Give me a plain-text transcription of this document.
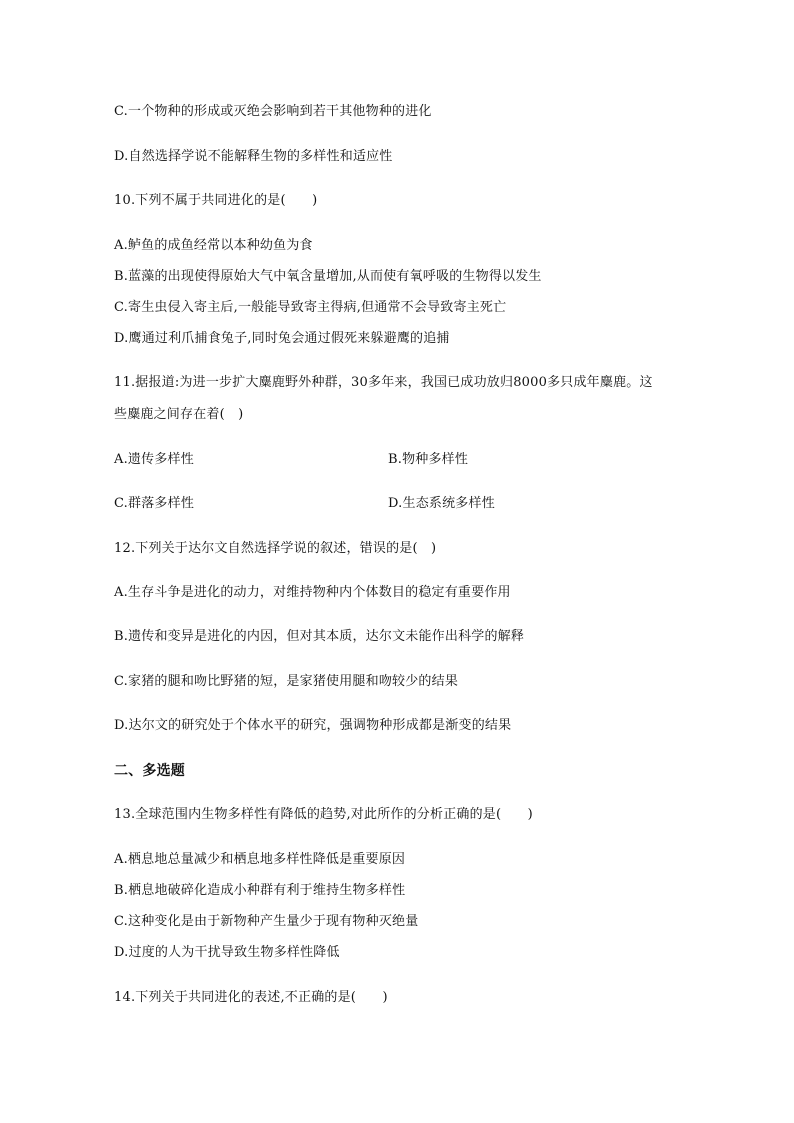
C.一个物种的形成或灭绝会影响到若干其他物种的进化
D.自然选择学说不能解释生物的多样性和适应性
10.下列不属于共同进化的是(　　)
A.鲈鱼的成鱼经常以本种幼鱼为食
B.蓝藻的出现使得原始大气中氧含量增加,从而使有氧呼吸的生物得以发生
C.寄生虫侵入寄主后,一般能导致寄主得病,但通常不会导致寄主死亡
D.鹰通过利爪捕食兔子,同时兔会通过假死来躲避鹰的追捕
11.据报道:为进一步扩大麋鹿野外种群，30多年来，我国已成功放归8000多只成年麋鹿。这
些麋鹿之间存在着(　)
A.遗传多样性	B.物种多样性
C.群落多样性	D.生态系统多样性
12.下列关于达尔文自然选择学说的叙述，错误的是(　)
A.生存斗争是进化的动力，对维持物种内个体数目的稳定有重要作用
B.遗传和变异是进化的内因，但对其本质，达尔文未能作出科学的解释
C.家猪的腿和吻比野猪的短，是家猪使用腿和吻较少的结果
D.达尔文的研究处于个体水平的研究，强调物种形成都是渐变的结果
二、多选题
13.全球范围内生物多样性有降低的趋势,对此所作的分析正确的是(　　)
A.栖息地总量减少和栖息地多样性降低是重要原因
B.栖息地破碎化造成小种群有利于维持生物多样性
C.这种变化是由于新物种产生量少于现有物种灭绝量
D.过度的人为干扰导致生物多样性降低
14.下列关于共同进化的表述,不正确的是(　　)
